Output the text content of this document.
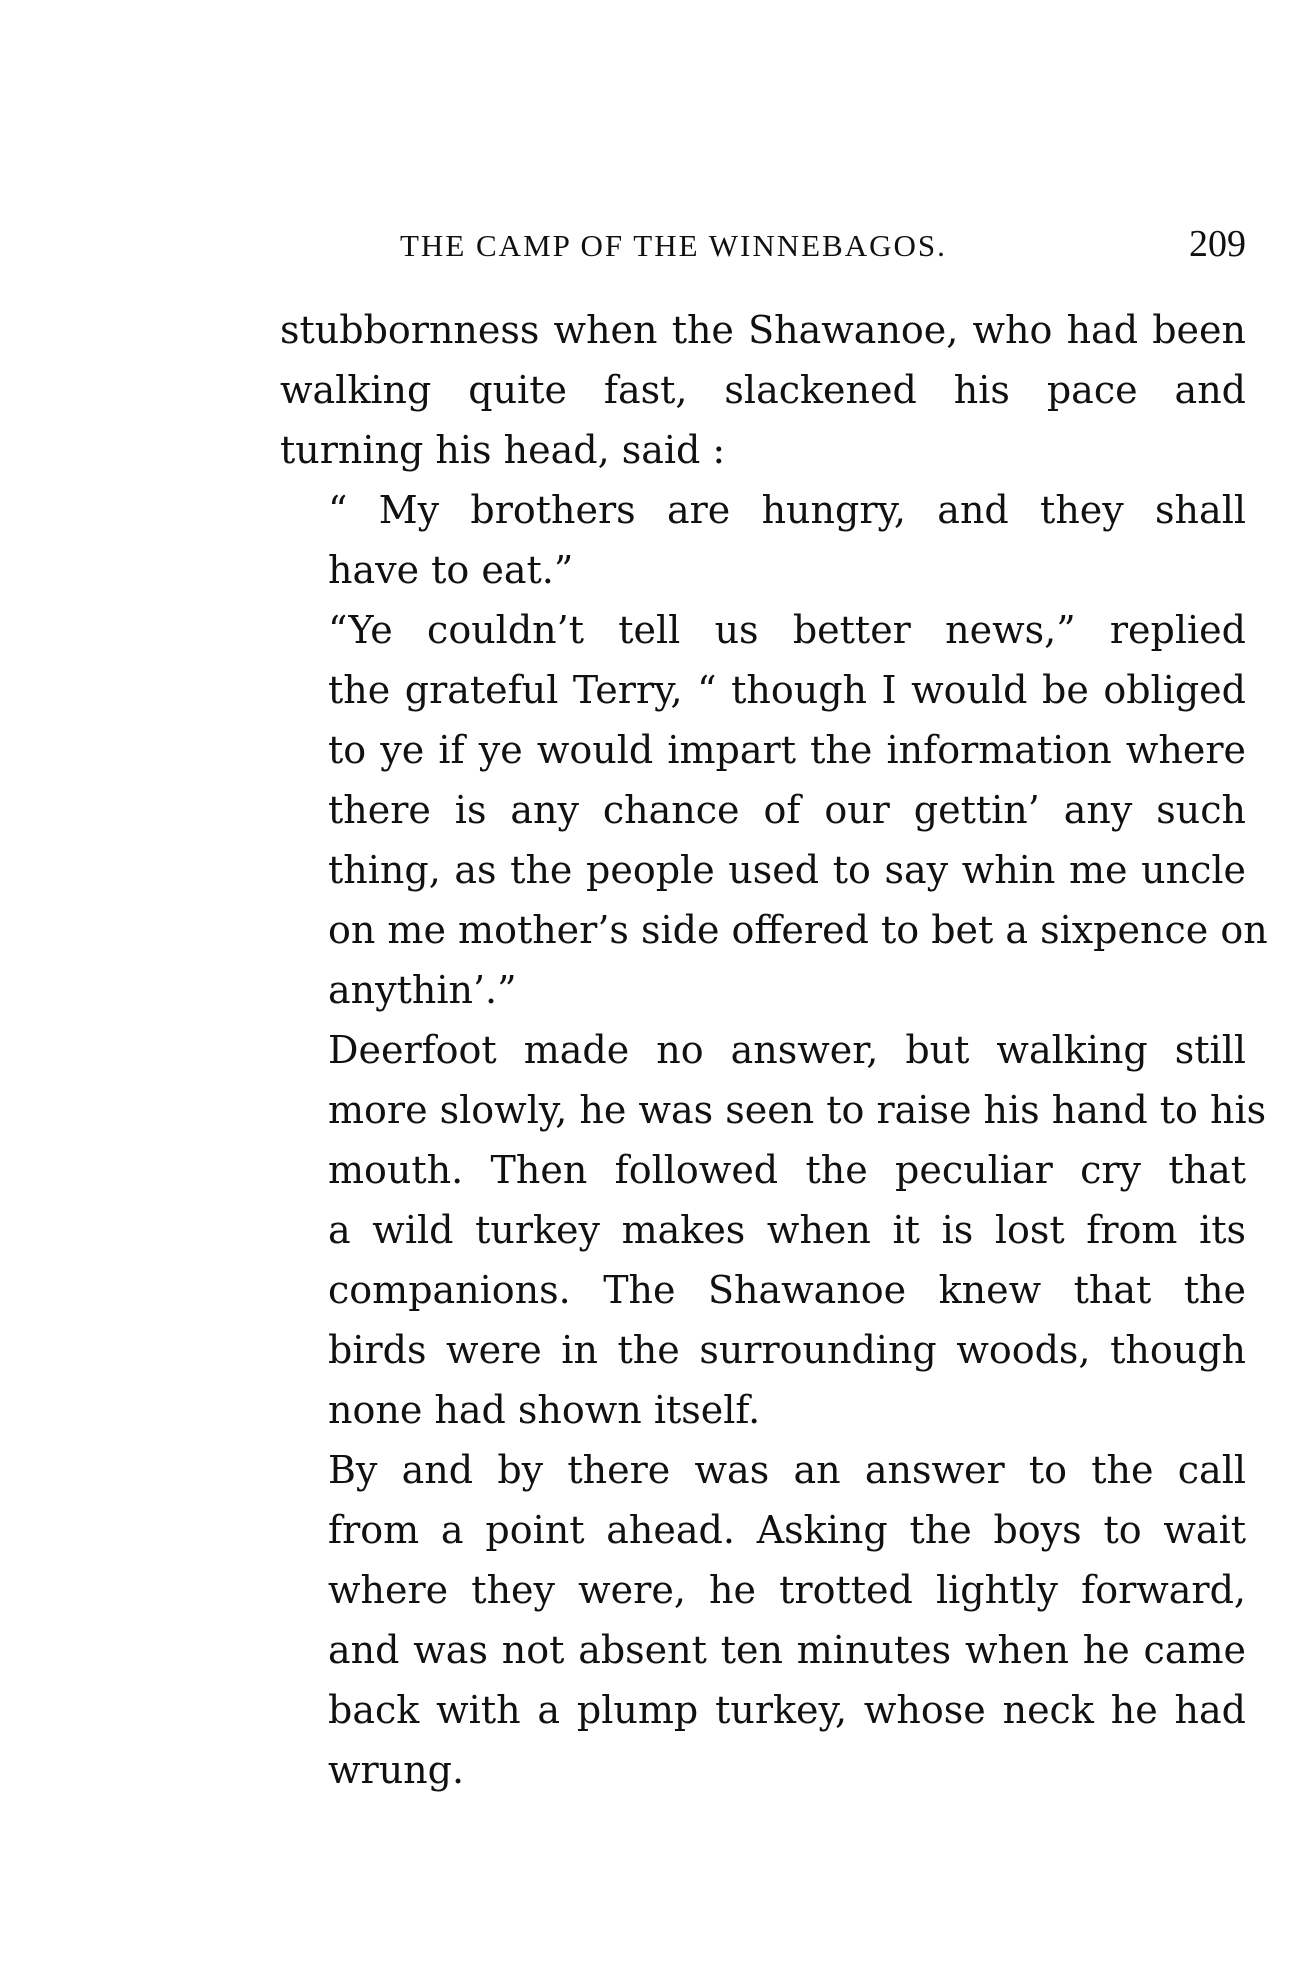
THE CAMP OF THE WINNEBAGOS.	209

stubbornness when the Shawanoe, who had been
walking quite fast, slackened his pace and
turning his head, said :

“ My brothers are hungry, and they shall
have to eat.”

“Ye couldn’t tell us better news,” replied
the grateful Terry, “ though I would be obliged
to ye if ye would impart the information where
there is any chance of our gettin’ any such
thing, as the people used to say whin me uncle
on me mother’s side offered to bet a sixpence on
anythin’.”

Deerfoot made no answer, but walking still
more slowly, he was seen to raise his hand to his
mouth. Then followed the peculiar cry that
a wild turkey makes when it is lost from its
companions. The Shawanoe knew that the
birds were in the surrounding woods, though
none had shown itself.

By and by there was an answer to the call
from a point ahead. Asking the boys to wait
where they were, he trotted lightly forward,
and was not absent ten minutes when he came
back with a plump turkey, whose neck he had
wrung.
